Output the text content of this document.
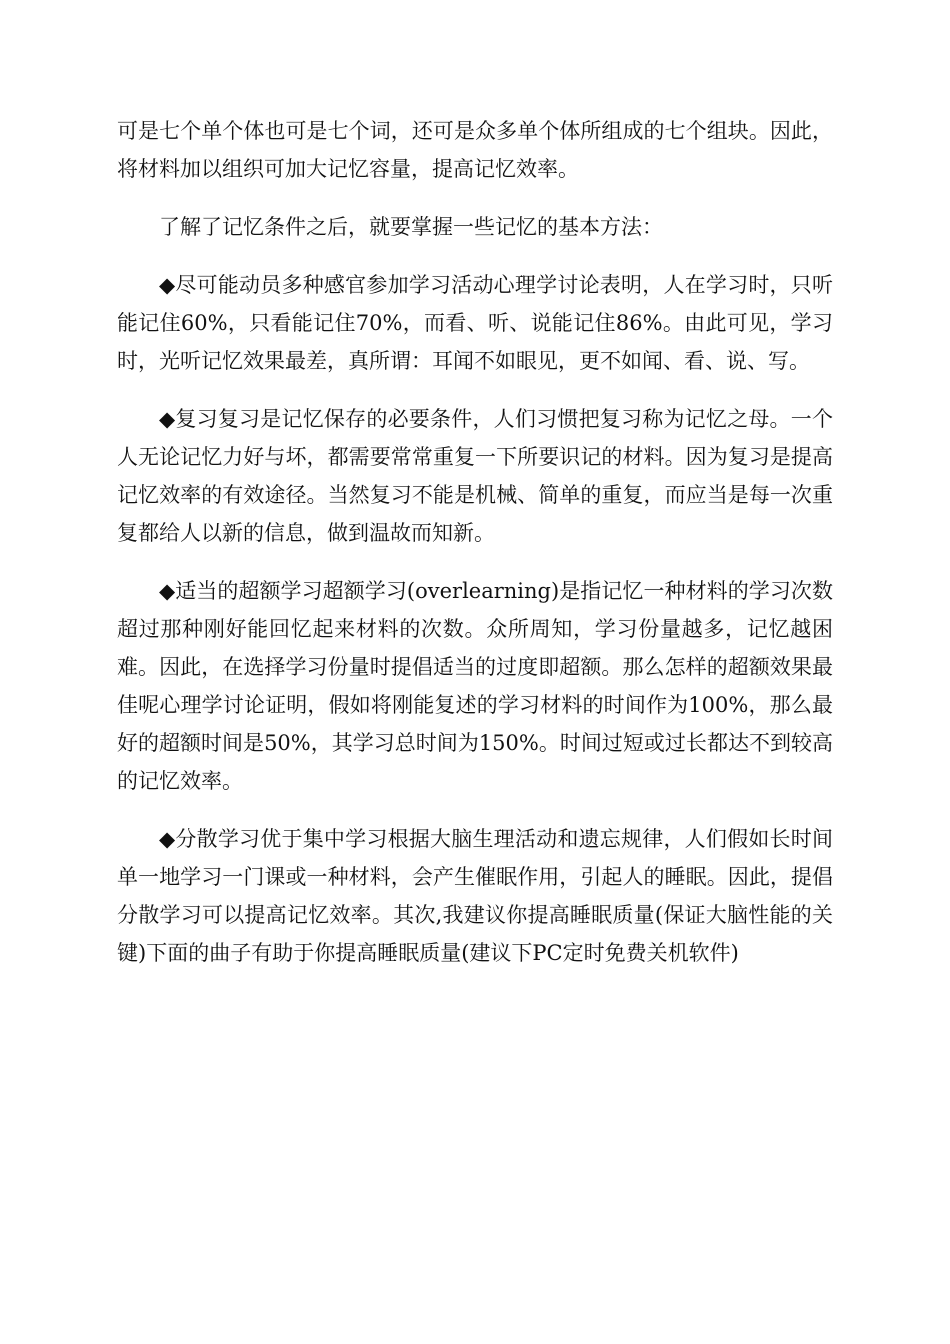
可是七个单个体也可是七个词，还可是众多单个体所组成的七个组块。因此，将材料加以组织可加大记忆容量，提高记忆效率。

了解了记忆条件之后，就要掌握一些记忆的基本方法：

◆尽可能动员多种感官参加学习活动心理学讨论表明，人在学习时，只听能记住60%，只看能记住70%，而看、听、说能记住86%。由此可见，学习时，光听记忆效果最差，真所谓：耳闻不如眼见，更不如闻、看、说、写。

◆复习复习是记忆保存的必要条件，人们习惯把复习称为记忆之母。一个人无论记忆力好与坏，都需要常常重复一下所要识记的材料。因为复习是提高记忆效率的有效途径。当然复习不能是机械、简单的重复，而应当是每一次重复都给人以新的信息，做到温故而知新。

◆适当的超额学习超额学习(overlearning)是指记忆一种材料的学习次数超过那种刚好能回忆起来材料的次数。众所周知，学习份量越多，记忆越困难。因此，在选择学习份量时提倡适当的过度即超额。那么怎样的超额效果最佳呢心理学讨论证明，假如将刚能复述的学习材料的时间作为100%，那么最好的超额时间是50%，其学习总时间为150%。时间过短或过长都达不到较高的记忆效率。

◆分散学习优于集中学习根据大脑生理活动和遗忘规律，人们假如长时间单一地学习一门课或一种材料，会产生催眠作用，引起人的睡眠。因此，提倡分散学习可以提高记忆效率。其次,我建议你提高睡眠质量(保证大脑性能的关键)下面的曲子有助于你提高睡眠质量(建议下PC定时免费关机软件)
